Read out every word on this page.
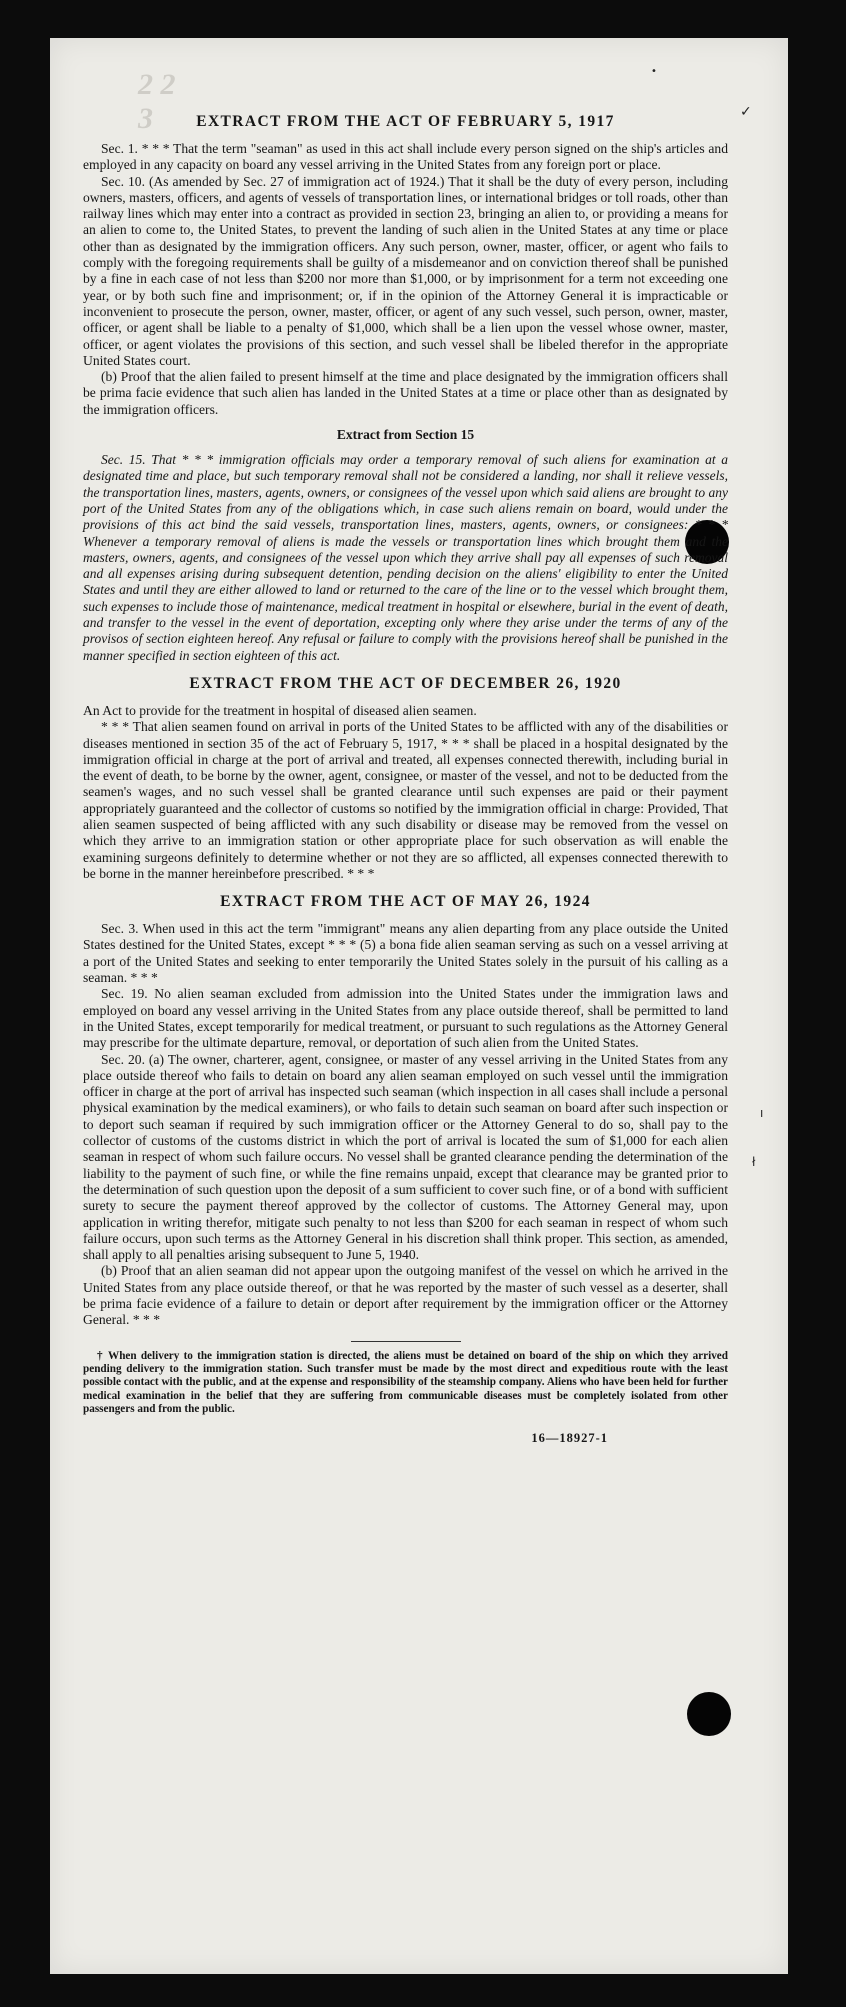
2 2 3	✓
•
ı
ł
EXTRACT FROM THE ACT OF FEBRUARY 5, 1917

Sec. 1. * * * That the term "seaman" as used in this act shall include every person signed on the ship's articles and employed in any capacity on board any vessel arriving in the United States from any foreign port or place.

Sec. 10. (As amended by Sec. 27 of immigration act of 1924.) That it shall be the duty of every person, including owners, masters, officers, and agents of vessels of transportation lines, or international bridges or toll roads, other than railway lines which may enter into a contract as provided in section 23, bringing an alien to, or providing a means for an alien to come to, the United States, to prevent the landing of such alien in the United States at any time or place other than as designated by the immigration officers. Any such person, owner, master, officer, or agent who fails to comply with the foregoing requirements shall be guilty of a misdemeanor and on conviction thereof shall be punished by a fine in each case of not less than $200 nor more than $1,000, or by imprisonment for a term not exceeding one year, or by both such fine and imprisonment; or, if in the opinion of the Attorney General it is impracticable or inconvenient to prosecute the person, owner, master, officer, or agent of any such vessel, such person, owner, master, officer, or agent shall be liable to a penalty of $1,000, which shall be a lien upon the vessel whose owner, master, officer, or agent violates the provisions of this section, and such vessel shall be libeled therefor in the appropriate United States court.

(b) Proof that the alien failed to present himself at the time and place designated by the immigration officers shall be prima facie evidence that such alien has landed in the United States at a time or place other than as designated by the immigration officers.

Extract from Section 15

Sec. 15. That * * * immigration officials may order a temporary removal of such aliens for examination at a designated time and place, but such temporary removal shall not be considered a landing, nor shall it relieve vessels, the transportation lines, masters, agents, owners, or consignees of the vessel upon which said aliens are brought to any port of the United States from any of the obligations which, in case such aliens remain on board, would under the provisions of this act bind the said vessels, transportation lines, masters, agents, owners, or consignees: * * * Whenever a temporary removal of aliens is made the vessels or transportation lines which brought them and the masters, owners, agents, and consignees of the vessel upon which they arrive shall pay all expenses of such removal and all expenses arising during subsequent detention, pending decision on the aliens' eligibility to enter the United States and until they are either allowed to land or returned to the care of the line or to the vessel which brought them, such expenses to include those of maintenance, medical treatment in hospital or elsewhere, burial in the event of death, and transfer to the vessel in the event of deportation, excepting only where they arise under the terms of any of the provisos of section eighteen hereof. Any refusal or failure to comply with the provisions hereof shall be punished in the manner specified in section eighteen of this act.

EXTRACT FROM THE ACT OF DECEMBER 26, 1920

An Act to provide for the treatment in hospital of diseased alien seamen.

* * * That alien seamen found on arrival in ports of the United States to be afflicted with any of the disabilities or diseases mentioned in section 35 of the act of February 5, 1917, * * * shall be placed in a hospital designated by the immigration official in charge at the port of arrival and treated, all expenses connected therewith, including burial in the event of death, to be borne by the owner, agent, consignee, or master of the vessel, and not to be deducted from the seamen's wages, and no such vessel shall be granted clearance until such expenses are paid or their payment appropriately guaranteed and the collector of customs so notified by the immigration official in charge: Provided, That alien seamen suspected of being afflicted with any such disability or disease may be removed from the vessel on which they arrive to an immigration station or other appropriate place for such observation as will enable the examining surgeons definitely to determine whether or not they are so afflicted, all expenses connected therewith to be borne in the manner hereinbefore prescribed. * * *

EXTRACT FROM THE ACT OF MAY 26, 1924

Sec. 3. When used in this act the term "immigrant" means any alien departing from any place outside the United States destined for the United States, except * * * (5) a bona fide alien seaman serving as such on a vessel arriving at a port of the United States and seeking to enter temporarily the United States solely in the pursuit of his calling as a seaman. * * *

Sec. 19. No alien seaman excluded from admission into the United States under the immigration laws and employed on board any vessel arriving in the United States from any place outside thereof, shall be permitted to land in the United States, except temporarily for medical treatment, or pursuant to such regulations as the Attorney General may prescribe for the ultimate departure, removal, or deportation of such alien from the United States.

Sec. 20. (a) The owner, charterer, agent, consignee, or master of any vessel arriving in the United States from any place outside thereof who fails to detain on board any alien seaman employed on such vessel until the immigration officer in charge at the port of arrival has inspected such seaman (which inspection in all cases shall include a personal physical examination by the medical examiners), or who fails to detain such seaman on board after such inspection or to deport such seaman if required by such immigration officer or the Attorney General to do so, shall pay to the collector of customs of the customs district in which the port of arrival is located the sum of $1,000 for each alien seaman in respect of whom such failure occurs. No vessel shall be granted clearance pending the determination of the liability to the payment of such fine, or while the fine remains unpaid, except that clearance may be granted prior to the determination of such question upon the deposit of a sum sufficient to cover such fine, or of a bond with sufficient surety to secure the payment thereof approved by the collector of customs. The Attorney General may, upon application in writing therefor, mitigate such penalty to not less than $200 for each seaman in respect of whom such failure occurs, upon such terms as the Attorney General in his discretion shall think proper. This section, as amended, shall apply to all penalties arising subsequent to June 5, 1940.

(b) Proof that an alien seaman did not appear upon the outgoing manifest of the vessel on which he arrived in the United States from any place outside thereof, or that he was reported by the master of such vessel as a deserter, shall be prima facie evidence of a failure to detain or deport after requirement by the immigration officer or the Attorney General. * * *

† When delivery to the immigration station is directed, the aliens must be detained on board of the ship on which they arrived pending delivery to the immigration station. Such transfer must be made by the most direct and expeditious route with the least possible contact with the public, and at the expense and responsibility of the steamship company. Aliens who have been held for further medical examination in the belief that they are suffering from communicable diseases must be completely isolated from other passengers and from the public.
16—18927-1
